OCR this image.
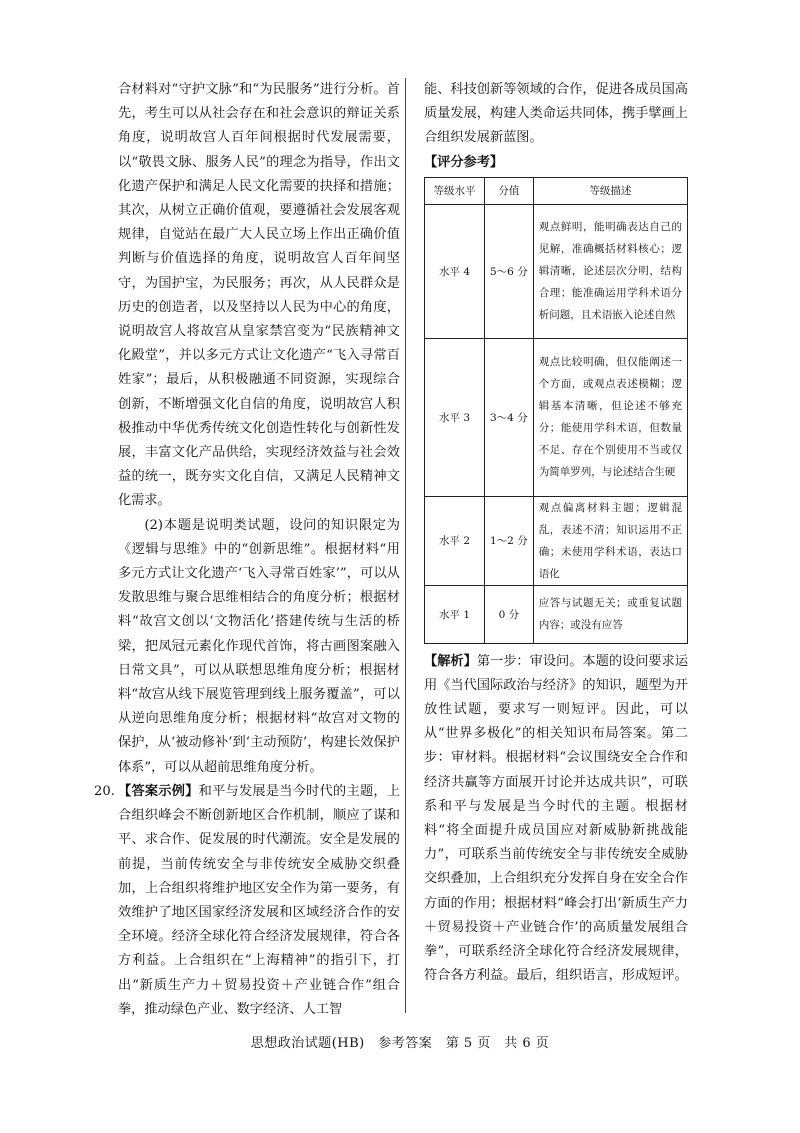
合材料对“守护文脉”和“为民服务”进行分析。首先，考生可以从社会存在和社会意识的辩证关系角度，说明故宫人百年间根据时代发展需要，以“敬畏文脉、服务人民”的理念为指导，作出文化遗产保护和满足人民文化需要的抉择和措施；其次，从树立正确价值观，要遵循社会发展客观规律，自觉站在最广大人民立场上作出正确价值判断与价值选择的角度，说明故宫人百年间坚守，为国护宝，为民服务；再次，从人民群众是历史的创造者，以及坚持以人民为中心的角度，说明故宫人将故宫从皇家禁宫变为“民族精神文化殿堂”，并以多元方式让文化遗产“飞入寻常百姓家”；最后，从积极融通不同资源，实现综合创新，不断增强文化自信的角度，说明故宫人积极推动中华优秀传统文化创造性转化与创新性发展，丰富文化产品供给，实现经济效益与社会效益的统一，既夯实文化自信，又满足人民精神文化需求。

(2)本题是说明类试题，设问的知识限定为《逻辑与思维》中的“创新思维”。根据材料“用多元方式让文化遗产‘飞入寻常百姓家’”，可以从发散思维与聚合思维相结合的角度分析；根据材料“故宫文创以‘文物活化’搭建传统与生活的桥梁，把凤冠元素化作现代首饰，将古画图案融入日常文具”，可以从联想思维角度分析；根据材料“故宫从线下展览管理到线上服务覆盖”，可以从逆向思维角度分析；根据材料“故宫对文物的保护，从‘被动修补’到‘主动预防’，构建长效保护体系”，可以从超前思维角度分析。

20. 【答案示例】和平与发展是当今时代的主题，上合组织峰会不断创新地区合作机制，顺应了谋和平、求合作、促发展的时代潮流。安全是发展的前提，当前传统安全与非传统安全威胁交织叠加，上合组织将维护地区安全作为第一要务，有效维护了地区国家经济发展和区域经济合作的安全环境。经济全球化符合经济发展规律，符合各方利益。上合组织在“上海精神”的指引下，打出“新质生产力＋贸易投资＋产业链合作”组合拳，推动绿色产业、数字经济、人工智

能、科技创新等领域的合作，促进各成员国高质量发展，构建人类命运共同体，携手擘画上合组织发展新蓝图。

【评分参考】

等级水平	分值	等级描述
水平 4	5～6 分	观点鲜明，能明确表达自己的见解，准确概括材料核心；逻辑清晰，论述层次分明，结构合理；能准确运用学科术语分析问题，且术语嵌入论述自然
水平 3	3～4 分	观点比较明确，但仅能阐述一个方面，或观点表述模糊；逻辑基本清晰，但论述不够充分；能使用学科术语，但数量不足、存在个别使用不当或仅为简单罗列，与论述结合生硬
水平 2	1～2 分	观点偏离材料主题；逻辑混乱，表述不清；知识运用不正确；未使用学科术语，表达口语化
水平 1	0 分	应答与试题无关；或重复试题内容；或没有应答

【解析】第一步：审设问。本题的设问要求运用《当代国际政治与经济》的知识，题型为开放性试题，要求写一则短评。因此，可以从“世界多极化”的相关知识布局答案。第二步：审材料。根据材料“会议围绕安全合作和经济共赢等方面展开讨论并达成共识”，可联系和平与发展是当今时代的主题。根据材料“将全面提升成员国应对新威胁新挑战能力”，可联系当前传统安全与非传统安全威胁交织叠加，上合组织充分发挥自身在安全合作方面的作用；根据材料“峰会打出‘新质生产力＋贸易投资＋产业链合作’的高质量发展组合拳”，可联系经济全球化符合经济发展规律，符合各方利益。最后，组织语言，形成短评。

思想政治试题(HB)　参考答案　第 5 页　共 6 页
